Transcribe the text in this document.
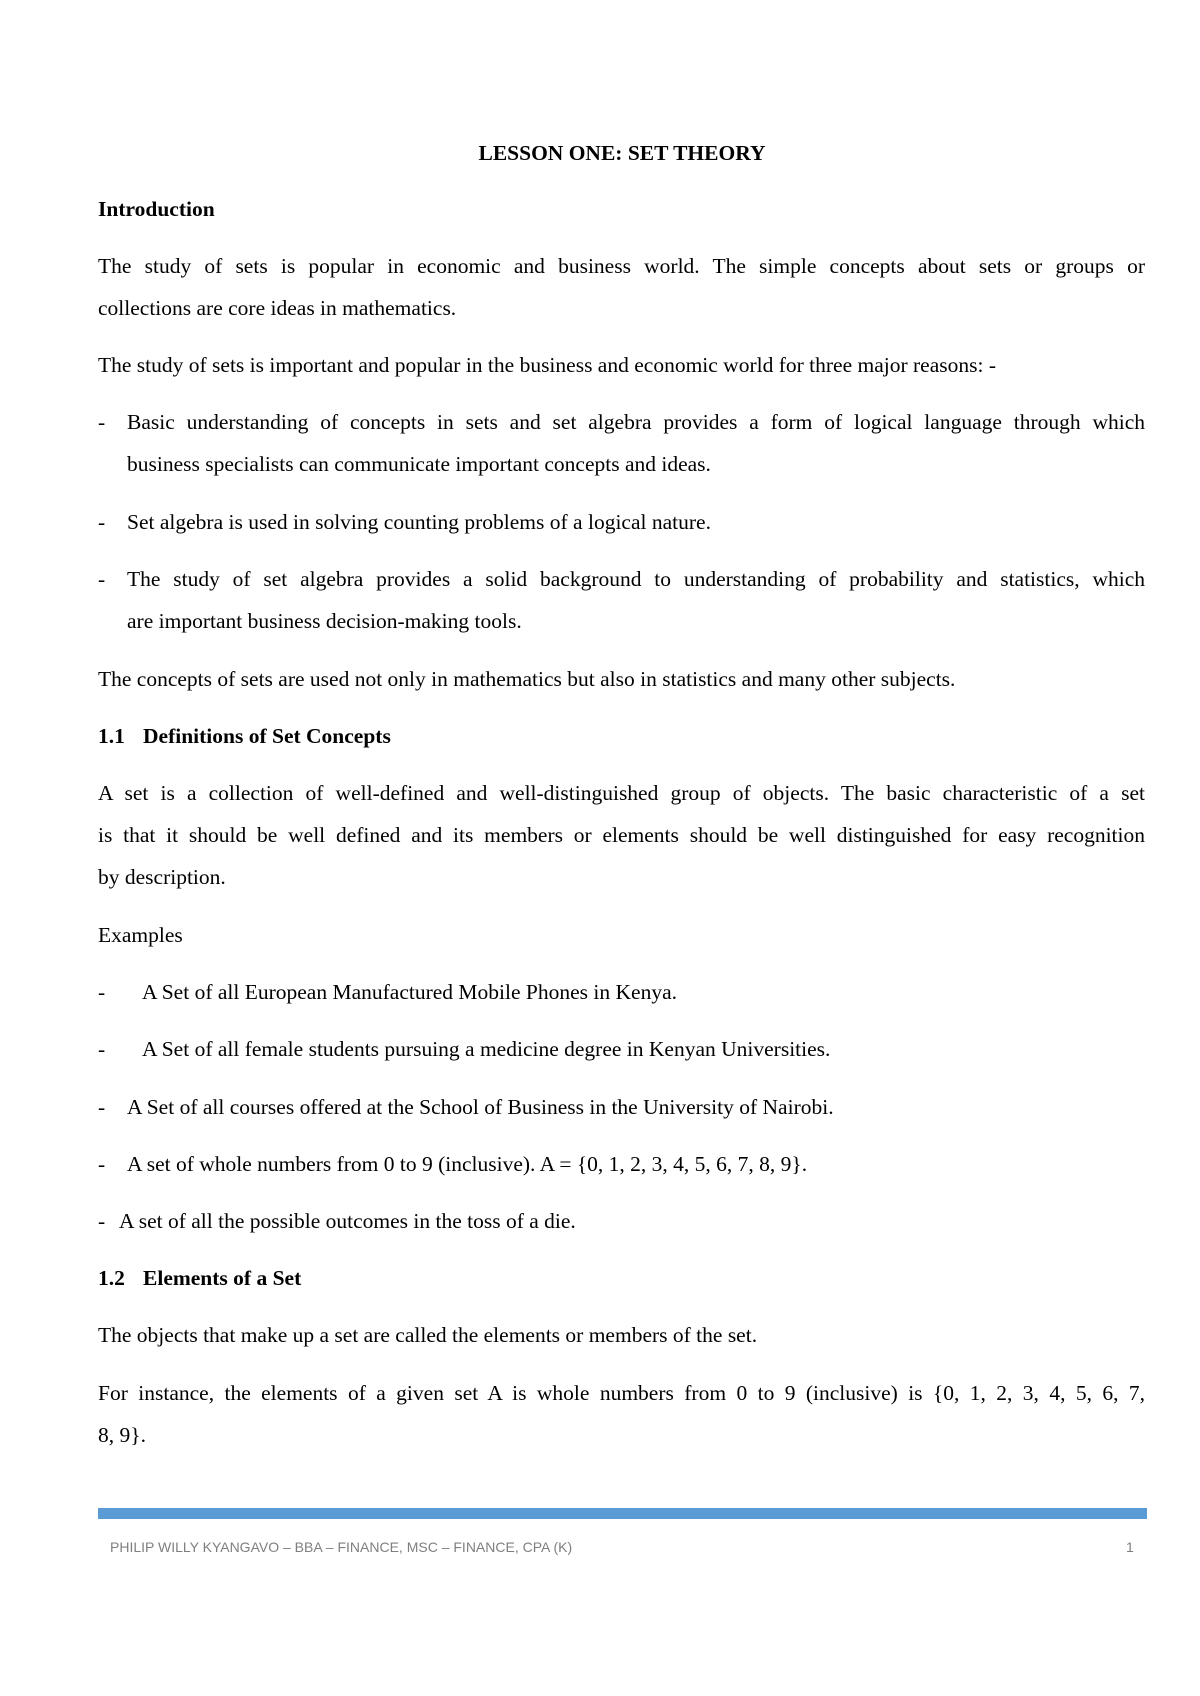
LESSON ONE: SET THEORY
Introduction
The study of sets is popular in economic and business world. The simple concepts about sets or groups or
collections are core ideas in mathematics.
The study of sets is important and popular in the business and economic world for three major reasons: -
- Basic understanding of concepts in sets and set algebra provides a form of logical language through which
business specialists can communicate important concepts and ideas.
- Set algebra is used in solving counting problems of a logical nature.
- The study of set algebra provides a solid background to understanding of probability and statistics, which
are important business decision-making tools.
The concepts of sets are used not only in mathematics but also in statistics and many other subjects.
1.1 Definitions of Set Concepts
A set is a collection of well-defined and well-distinguished group of objects. The basic characteristic of a set
is that it should be well defined and its members or elements should be well distinguished for easy recognition
by description.
Examples
- A Set of all European Manufactured Mobile Phones in Kenya.
- A Set of all female students pursuing a medicine degree in Kenyan Universities.
- A Set of all courses offered at the School of Business in the University of Nairobi.
- A set of whole numbers from 0 to 9 (inclusive). A = {0, 1, 2, 3, 4, 5, 6, 7, 8, 9}.
- A set of all the possible outcomes in the toss of a die.
1.2 Elements of a Set
The objects that make up a set are called the elements or members of the set.
For instance, the elements of a given set A is whole numbers from 0 to 9 (inclusive) is {0, 1, 2, 3, 4, 5, 6, 7,
8, 9}.
PHILIP WILLY KYANGAVO – BBA – FINANCE, MSC – FINANCE, CPA (K)	1
